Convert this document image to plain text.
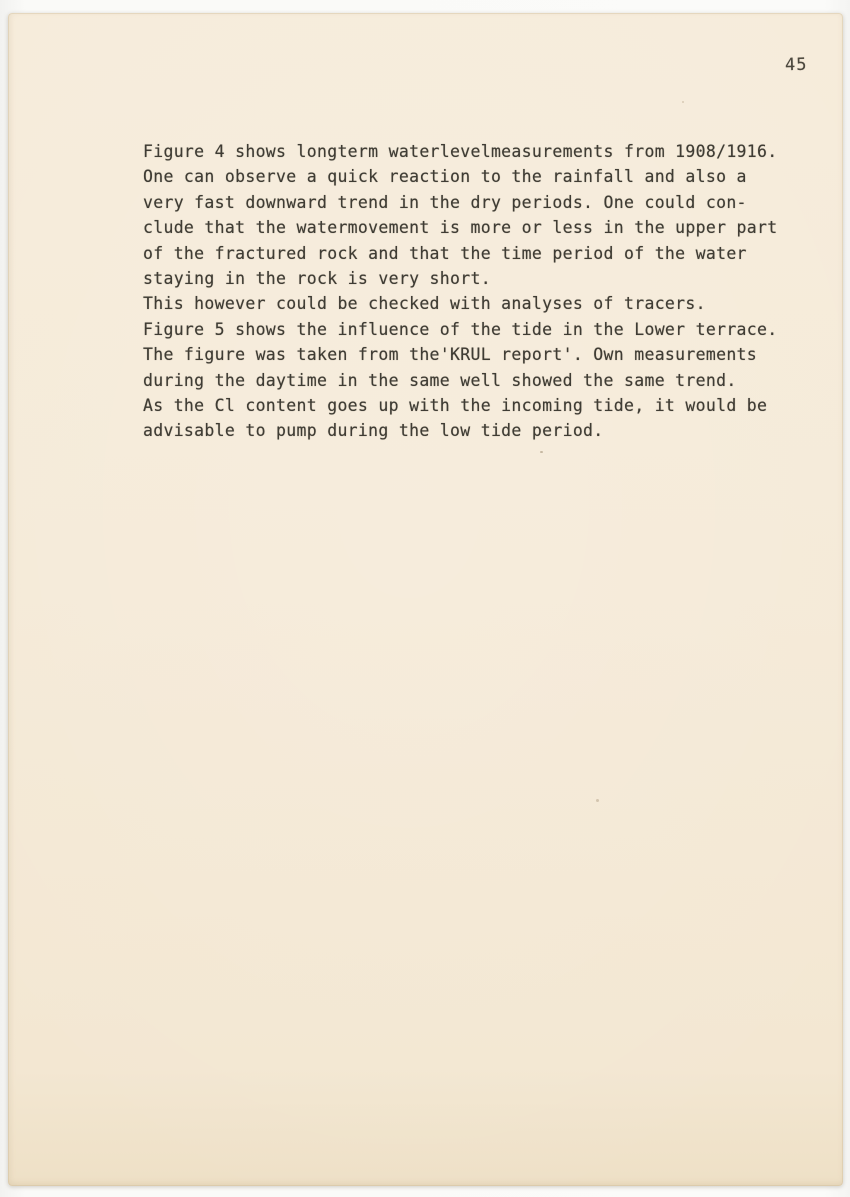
45
Figure 4 shows longterm waterlevelmeasurements from 1908/1916.
One can observe a quick reaction to the rainfall and also a
very fast downward trend in the dry periods. One could con-
clude that the watermovement is more or less in the upper part
of the fractured rock and that the time period of the water
staying in the rock is very short.
This however could be checked with analyses of tracers.
Figure 5 shows the influence of the tide in the Lower terrace.
The figure was taken from the'KRUL report'. Own measurements
during the daytime in the same well showed the same trend.
As the Cl content goes up with the incoming tide, it would be
advisable to pump during the low tide period.
